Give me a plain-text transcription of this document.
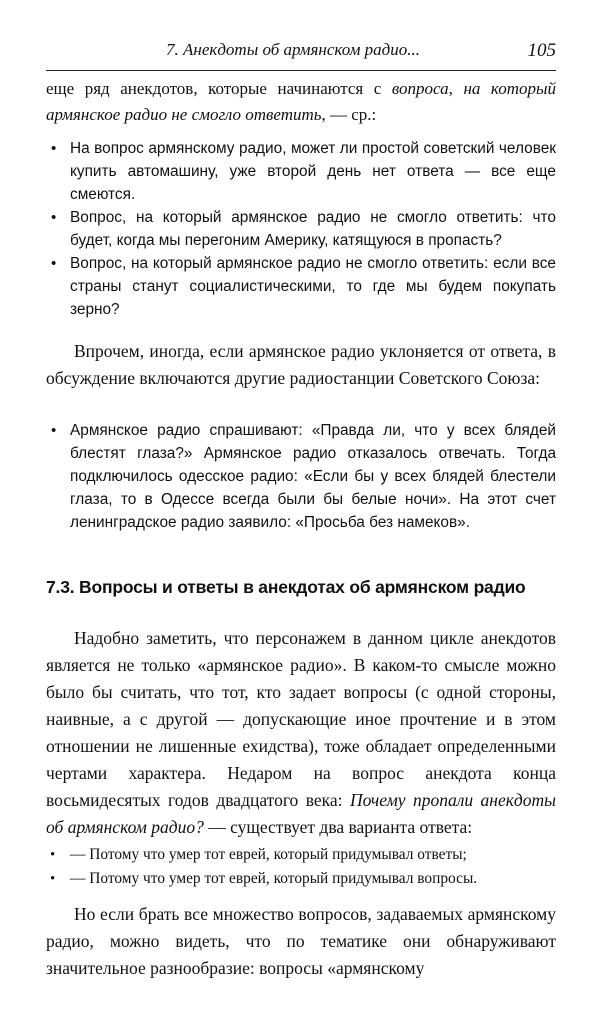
7. Анекдоты об армянском радио...	105

еще ряд анекдотов, которые начинаются с вопроса, на который армянское радио не смогло ответить, — ср.:

• На вопрос армянскому радио, может ли простой советский человек купить автомашину, уже второй день нет ответа — все еще смеются.
• Вопрос, на который армянское радио не смогло ответить: что будет, когда мы перегоним Америку, катящуюся в пропасть?
• Вопрос, на который армянское радио не смогло ответить: если все страны станут социалистическими, то где мы будем покупать зерно?

Впрочем, иногда, если армянское радио уклоняется от ответа, в обсуждение включаются другие радиостанции Советского Союза:

• Армянское радио спрашивают: «Правда ли, что у всех блядей блестят глаза?» Армянское радио отказалось отвечать. Тогда подключилось одесское радио: «Если бы у всех блядей блестели глаза, то в Одессе всегда были бы белые ночи». На этот счет ленинградское радио заявило: «Просьба без намеков».
7.3. Вопросы и ответы в анекдотах об армянском радио

Надобно заметить, что персонажем в данном цикле анекдотов является не только «армянское радио». В каком-то смысле можно было бы считать, что тот, кто задает вопросы (с одной стороны, наивные, а с другой — допускающие иное прочтение и в этом отношении не лишенные ехидства), тоже обладает определенными чертами характера. Недаром на вопрос анекдота конца восьмидесятых годов двадцатого века: Почему пропали анекдоты об армянском радио? — существует два варианта ответа:

• — Потому что умер тот еврей, который придумывал ответы;
• — Потому что умер тот еврей, который придумывал вопросы.

Но если брать все множество вопросов, задаваемых армянскому радио, можно видеть, что по тематике они обнаруживают значительное разнообразие: вопросы «армянскому
